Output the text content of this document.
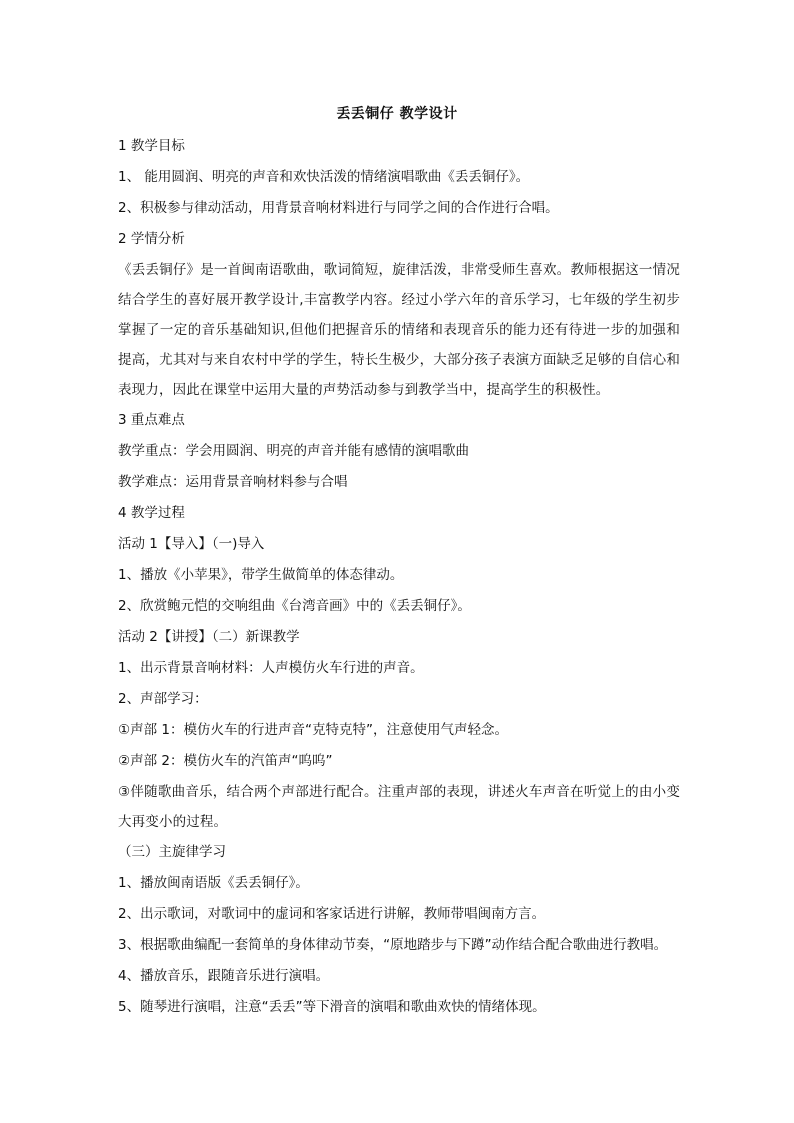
丢丢铜仔 教学设计
1 教学目标
1、 能用圆润、明亮的声音和欢快活泼的情绪演唱歌曲《丢丢铜仔》。
2、积极参与律动活动，用背景音响材料进行与同学之间的合作进行合唱。
2 学情分析
《丢丢铜仔》是一首闽南语歌曲，歌词简短，旋律活泼，非常受师生喜欢。教师根据这一情况结合学生的喜好展开教学设计,丰富教学内容。经过小学六年的音乐学习，七年级的学生初步掌握了一定的音乐基础知识,但他们把握音乐的情绪和表现音乐的能力还有待进一步的加强和提高，尤其对与来自农村中学的学生，特长生极少，大部分孩子表演方面缺乏足够的自信心和表现力，因此在课堂中运用大量的声势活动参与到教学当中，提高学生的积极性。
3 重点难点
教学重点：学会用圆润、明亮的声音并能有感情的演唱歌曲
教学难点：运用背景音响材料参与合唱
4 教学过程
活动 1【导入】（一)导入
1、播放《小苹果》，带学生做简单的体态律动。
2、欣赏鲍元恺的交响组曲《台湾音画》中的《丢丢铜仔》。
活动 2【讲授】（二）新课教学
1、出示背景音响材料：人声模仿火车行进的声音。
2、声部学习：
①声部 1：模仿火车的行进声音“克特克特”，注意使用气声轻念。
②声部 2：模仿火车的汽笛声“呜呜”
③伴随歌曲音乐，结合两个声部进行配合。注重声部的表现，讲述火车声音在听觉上的由小变大再变小的过程。
（三）主旋律学习
1、播放闽南语版《丢丢铜仔》。
2、出示歌词，对歌词中的虚词和客家话进行讲解，教师带唱闽南方言。
3、根据歌曲编配一套简单的身体律动节奏，“原地踏步与下蹲”动作结合配合歌曲进行教唱。
4、播放音乐，跟随音乐进行演唱。
5、随琴进行演唱，注意“丢丢”等下滑音的演唱和歌曲欢快的情绪体现。
